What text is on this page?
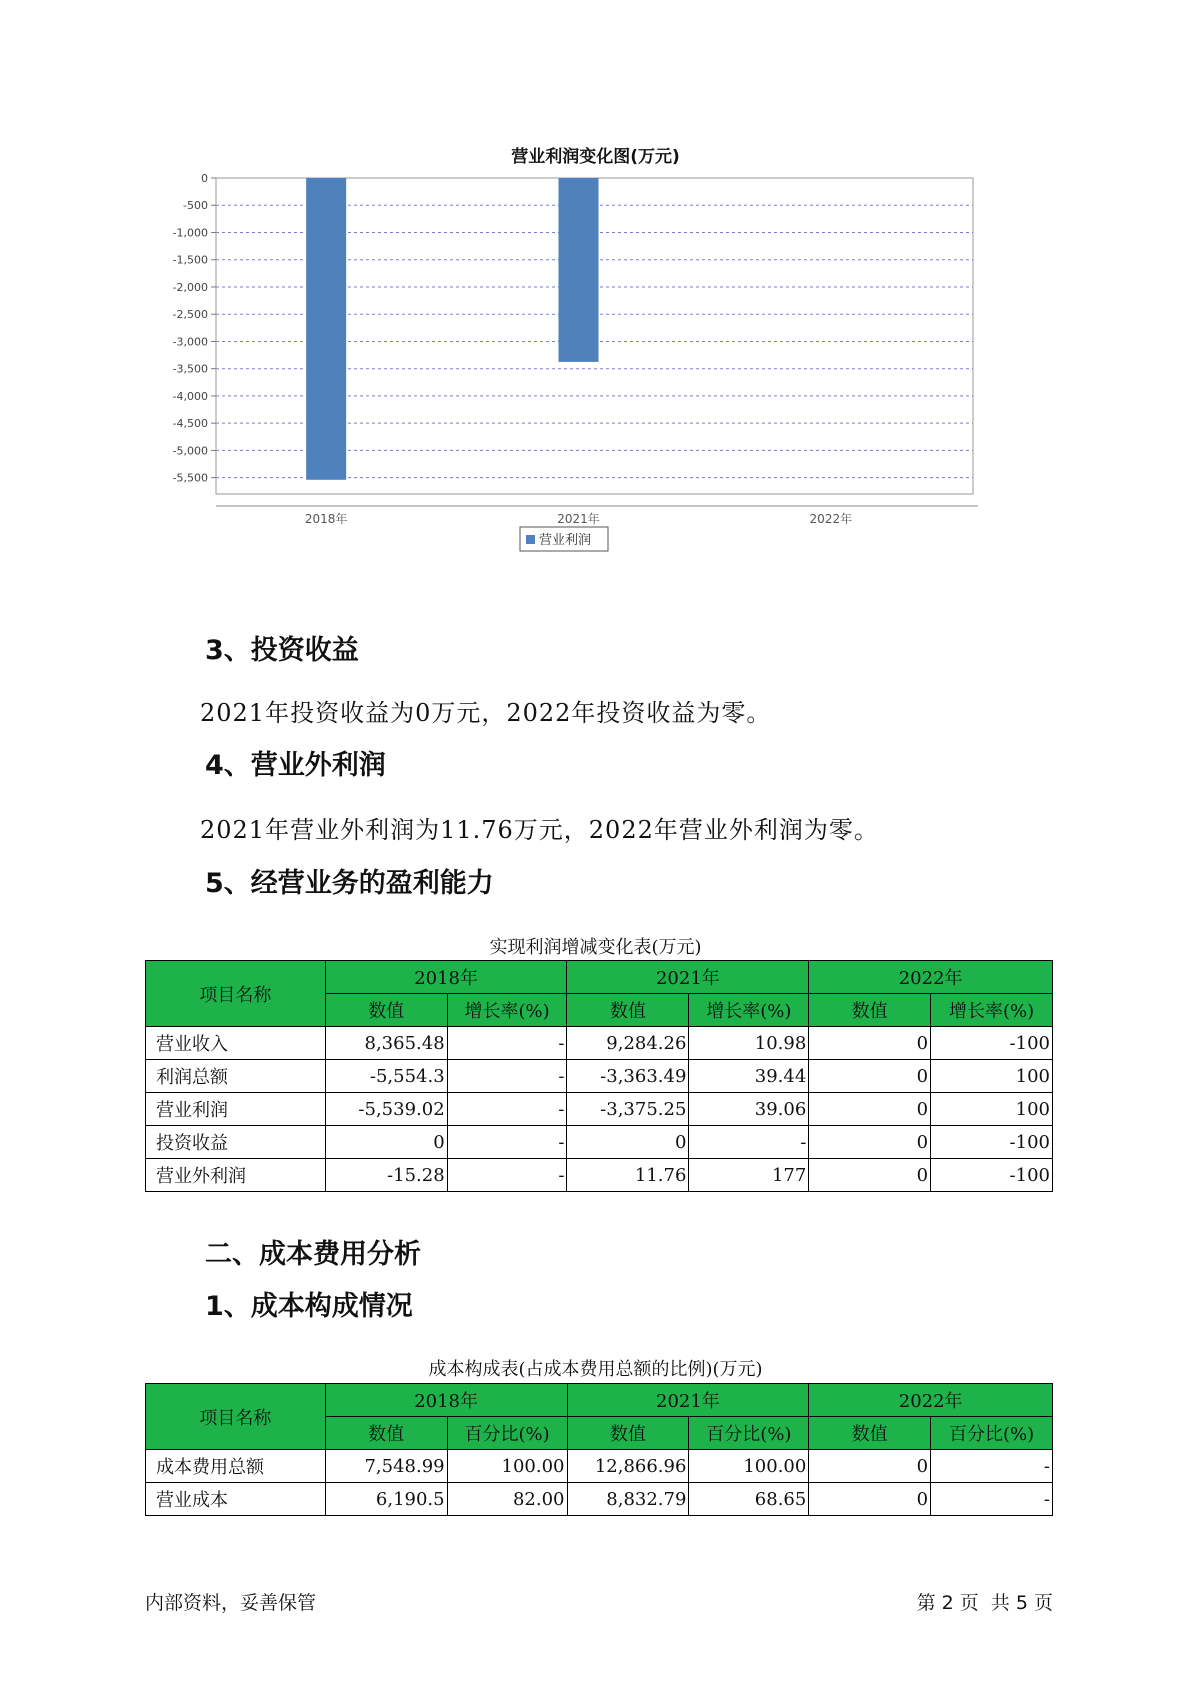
营业利润变化图(万元)
0
-500
-1,000
-1,500
-2,000
-2,500
-3,000
-3,500
-4,000
-4,500
-5,000
-5,500
2018年	2021年	2022年
营业利润
3、投资收益
2021年投资收益为0万元，2022年投资收益为零。
4、营业外利润
2021年营业外利润为11.76万元，2022年营业外利润为零。
5、经营业务的盈利能力
实现利润增减变化表(万元)
项目名称	2018年		2021年		2022年	
	数值	增长率(%)	数值	增长率(%)	数值	增长率(%)
营业收入	8,365.48	-	9,284.26	10.98	0	-100
利润总额	-5,554.3	-	-3,363.49	39.44	0	100
营业利润	-5,539.02	-	-3,375.25	39.06	0	100
投资收益	0	-	0	-	0	-100
营业外利润	-15.28	-	11.76	177	0	-100
二、成本费用分析
1、成本构成情况
成本构成表(占成本费用总额的比例)(万元)
项目名称	2018年		2021年		2022年	
	数值	百分比(%)	数值	百分比(%)	数值	百分比(%)
成本费用总额	7,548.99	100.00	12,866.96	100.00	0	-
营业成本	6,190.5	82.00	8,832.79	68.65	0	-
内部资料，妥善保管	第 2 页  共 5 页
